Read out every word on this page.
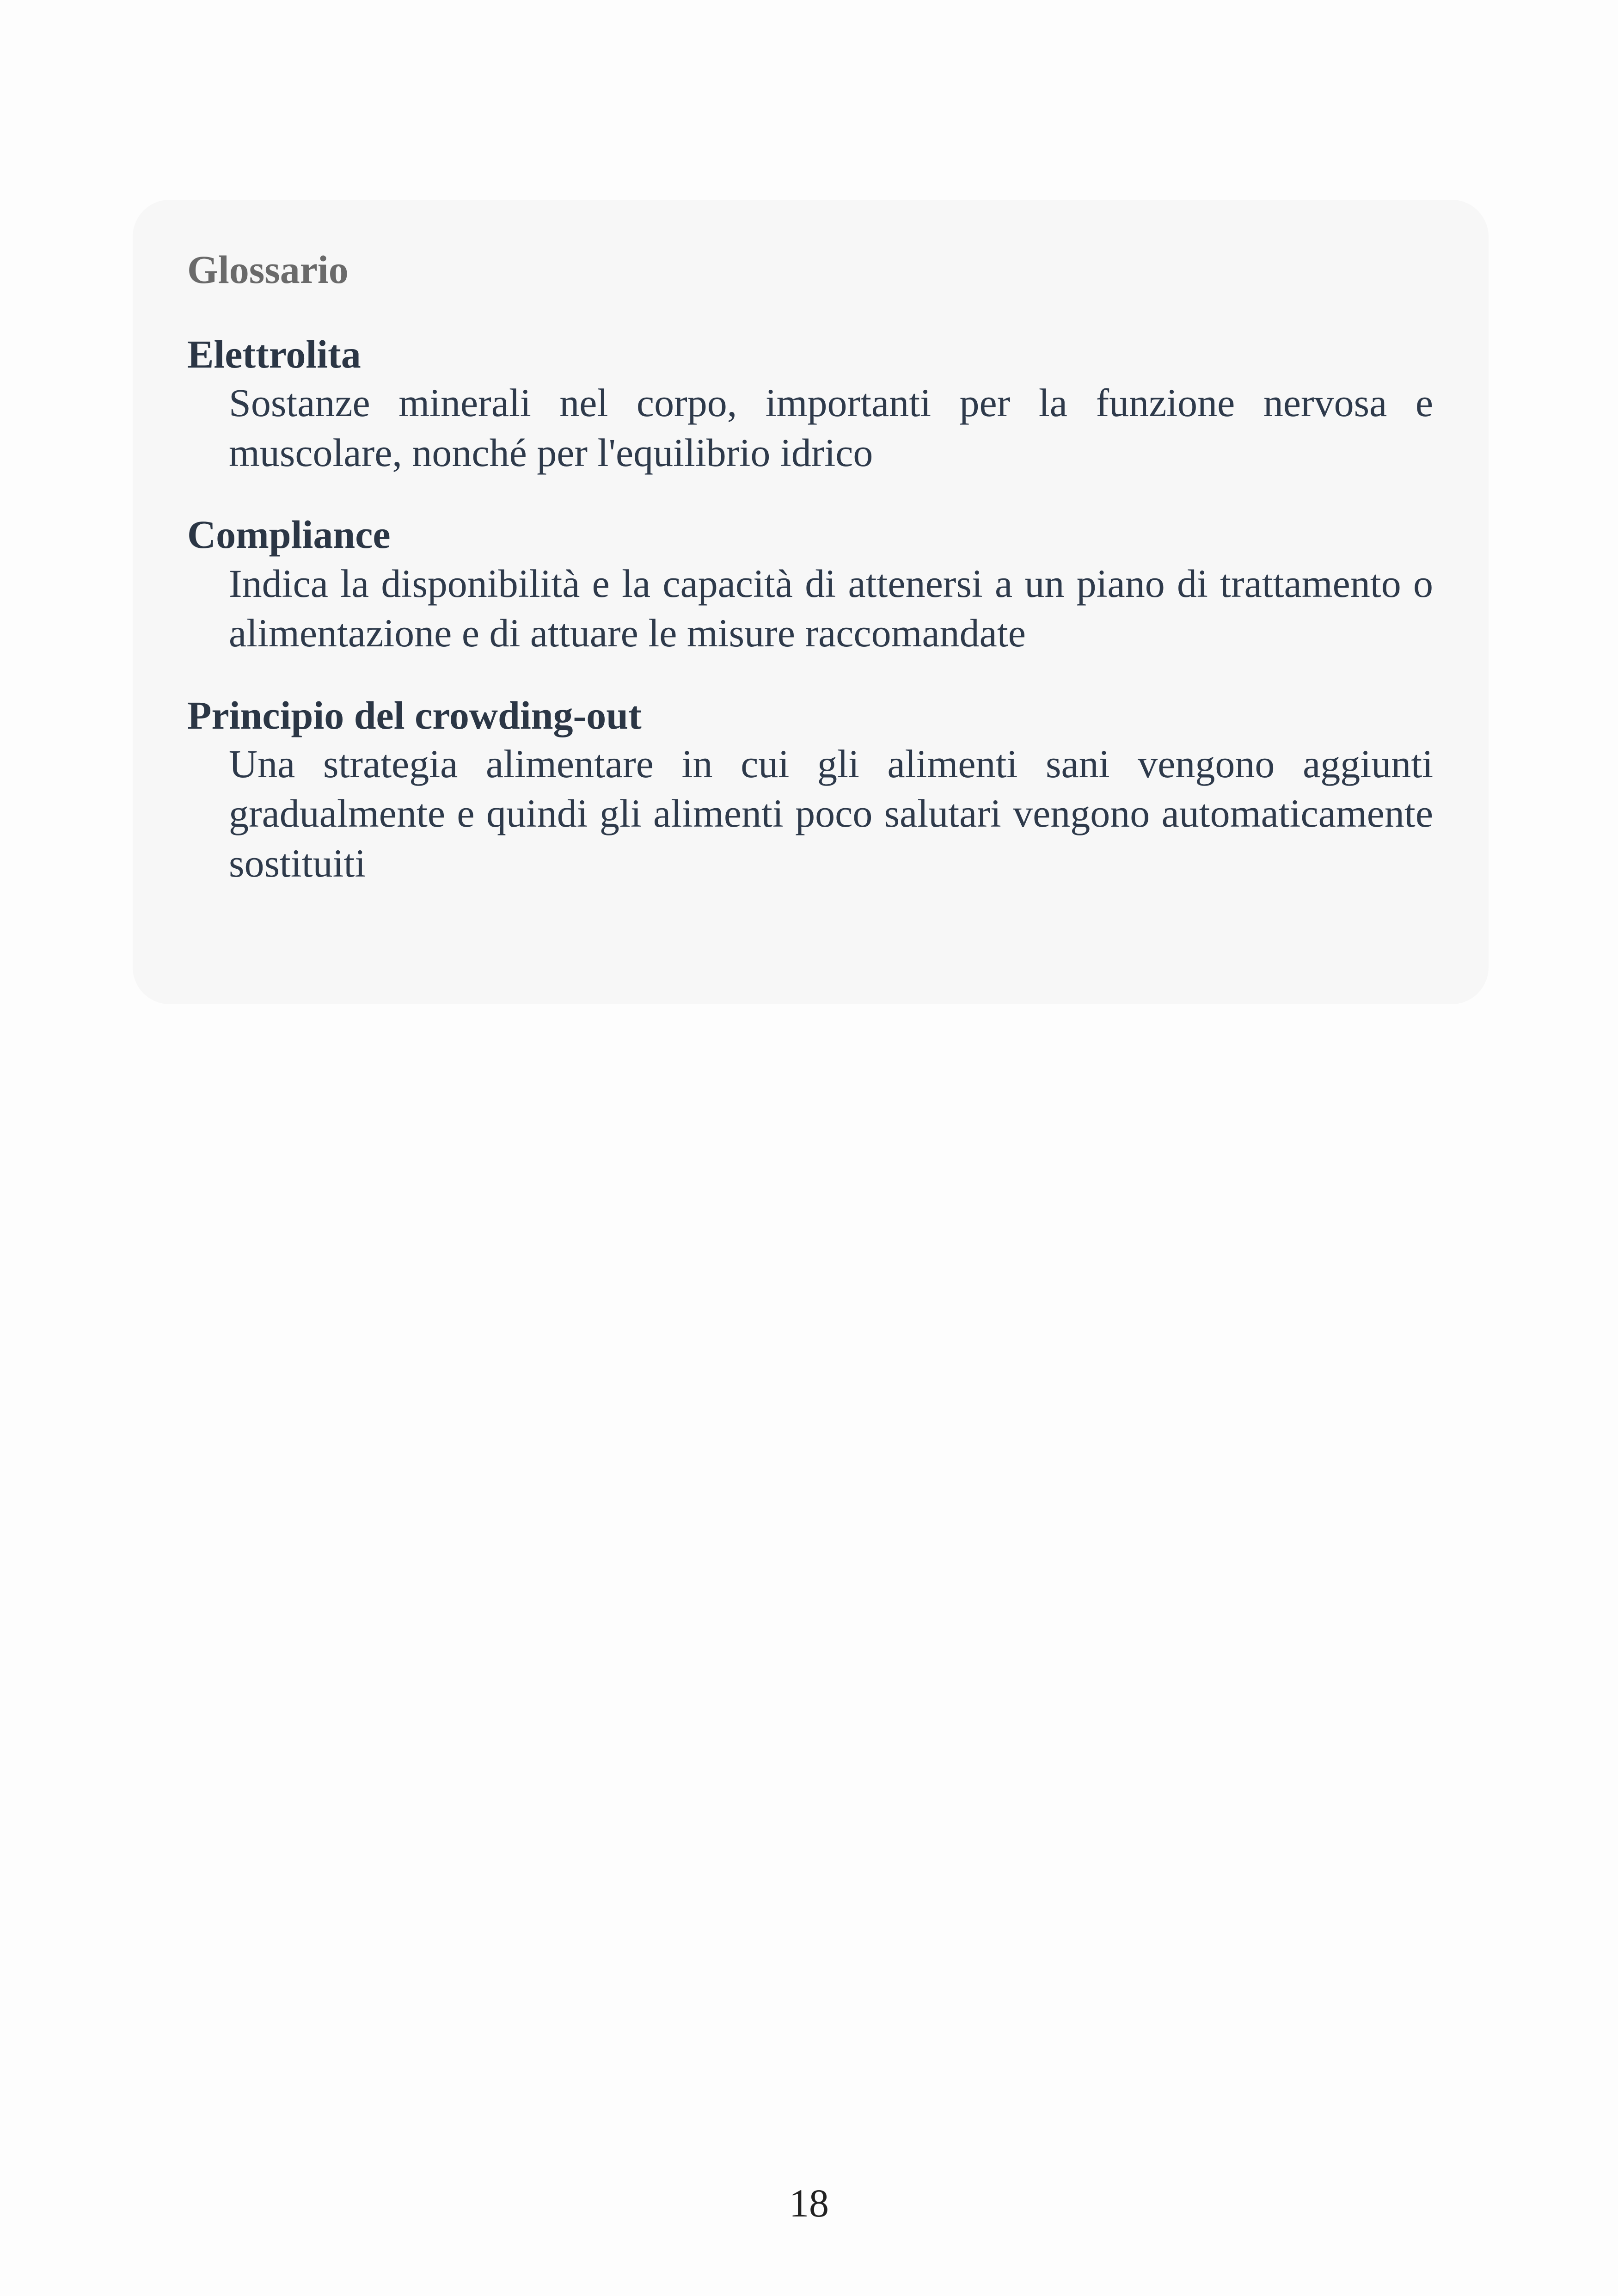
Glossario
Elettrolita
Sostanze minerali nel corpo, importanti per la funzione nervosa e muscolare, nonché per l'equilibrio idrico
Compliance
Indica la disponibilità e la capacità di attenersi a un piano di trattamento o alimentazione e di attuare le misure raccomandate
Principio del crowding-out
Una strategia alimentare in cui gli alimenti sani vengono aggiunti gradualmente e quindi gli alimenti poco salutari vengono automaticamente sostituiti
18
